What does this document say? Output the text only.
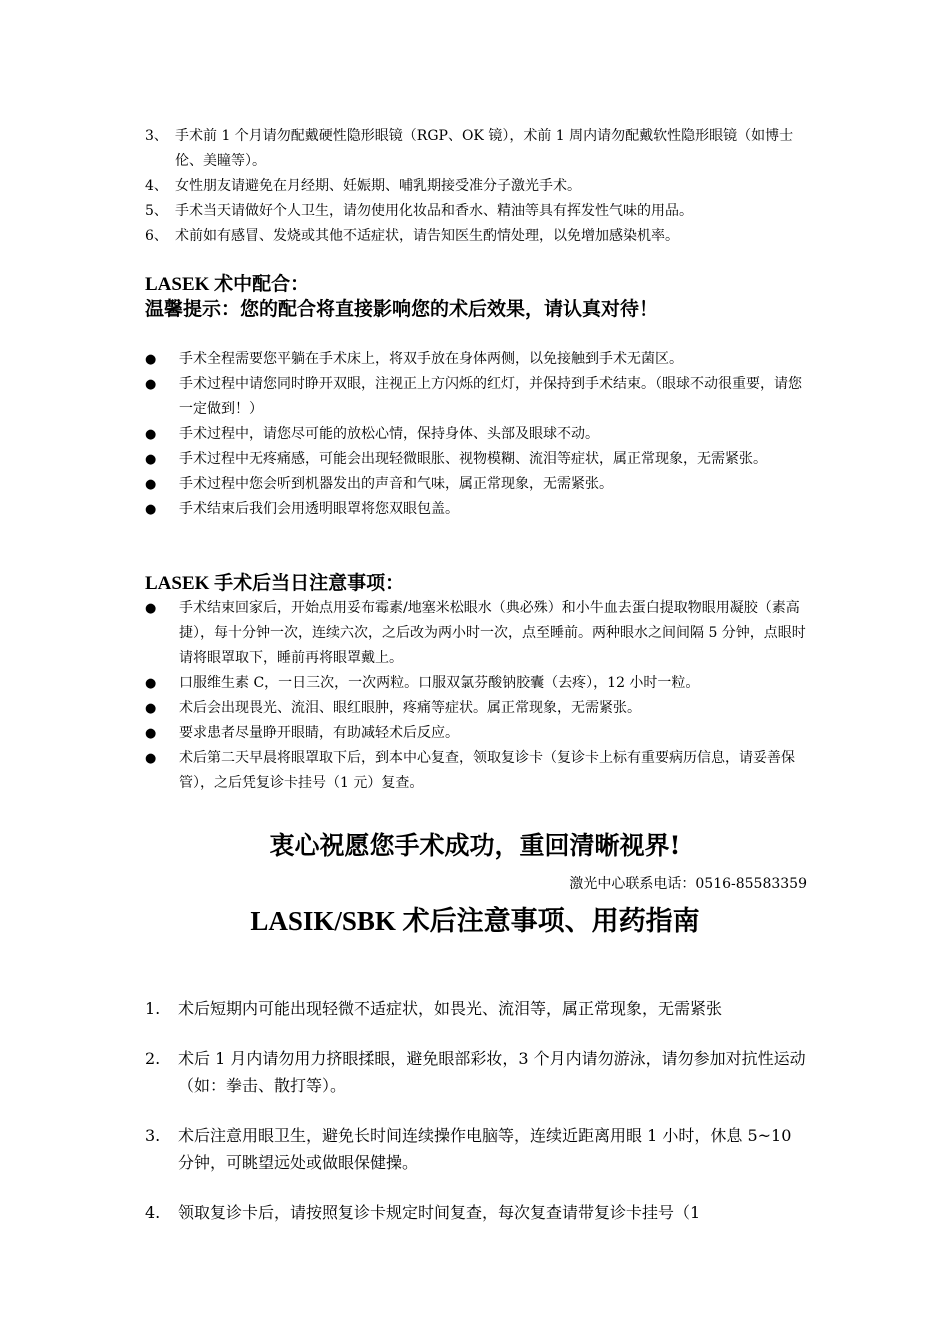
3、 手术前 1 个月请勿配戴硬性隐形眼镜（RGP、OK 镜），术前 1 周内请勿配戴软性隐形眼镜（如博士伦、美瞳等）。
4、 女性朋友请避免在月经期、妊娠期、哺乳期接受准分子激光手术。
5、 手术当天请做好个人卫生，请勿使用化妆品和香水、精油等具有挥发性气味的用品。
6、 术前如有感冒、发烧或其他不适症状，请告知医生酌情处理，以免增加感染机率。
LASEK 术中配合：
温馨提示：您的配合将直接影响您的术后效果，请认真对待！
●	手术全程需要您平躺在手术床上，将双手放在身体两侧，以免接触到手术无菌区。
●	手术过程中请您同时睁开双眼，注视正上方闪烁的红灯，并保持到手术结束。（眼球不动很重要，请您一定做到！）
●	手术过程中，请您尽可能的放松心情，保持身体、头部及眼球不动。
●	手术过程中无疼痛感，可能会出现轻微眼胀、视物模糊、流泪等症状，属正常现象，无需紧张。
●	手术过程中您会听到机器发出的声音和气味，属正常现象，无需紧张。
●	手术结束后我们会用透明眼罩将您双眼包盖。
LASEK 手术后当日注意事项：
●	手术结束回家后，开始点用妥布霉素/地塞米松眼水（典必殊）和小牛血去蛋白提取物眼用凝胶（素高捷），每十分钟一次，连续六次，之后改为两小时一次，点至睡前。两种眼水之间间隔 5 分钟，点眼时请将眼罩取下，睡前再将眼罩戴上。
●	口服维生素 C，一日三次，一次两粒。口服双氯芬酸钠胶囊（去疼），12 小时一粒。
●	术后会出现畏光、流泪、眼红眼肿，疼痛等症状。属正常现象，无需紧张。
●	要求患者尽量睁开眼睛，有助减轻术后反应。
●	术后第二天早晨将眼罩取下后，到本中心复查，领取复诊卡（复诊卡上标有重要病历信息，请妥善保管），之后凭复诊卡挂号（1 元）复查。
衷心祝愿您手术成功，重回清晰视界!
激光中心联系电话：0516-85583359
LASIK/SBK 术后注意事项、用药指南
1.	术后短期内可能出现轻微不适症状，如畏光、流泪等，属正常现象，无需紧张
2.	术后 1 月内请勿用力挤眼揉眼，避免眼部彩妆，3 个月内请勿游泳，请勿参加对抗性运动（如：拳击、散打等）。
3.	术后注意用眼卫生，避免长时间连续操作电脑等，连续近距离用眼 1 小时，休息 5~10 分钟，可眺望远处或做眼保健操。
4.	领取复诊卡后，请按照复诊卡规定时间复查，每次复查请带复诊卡挂号（1
